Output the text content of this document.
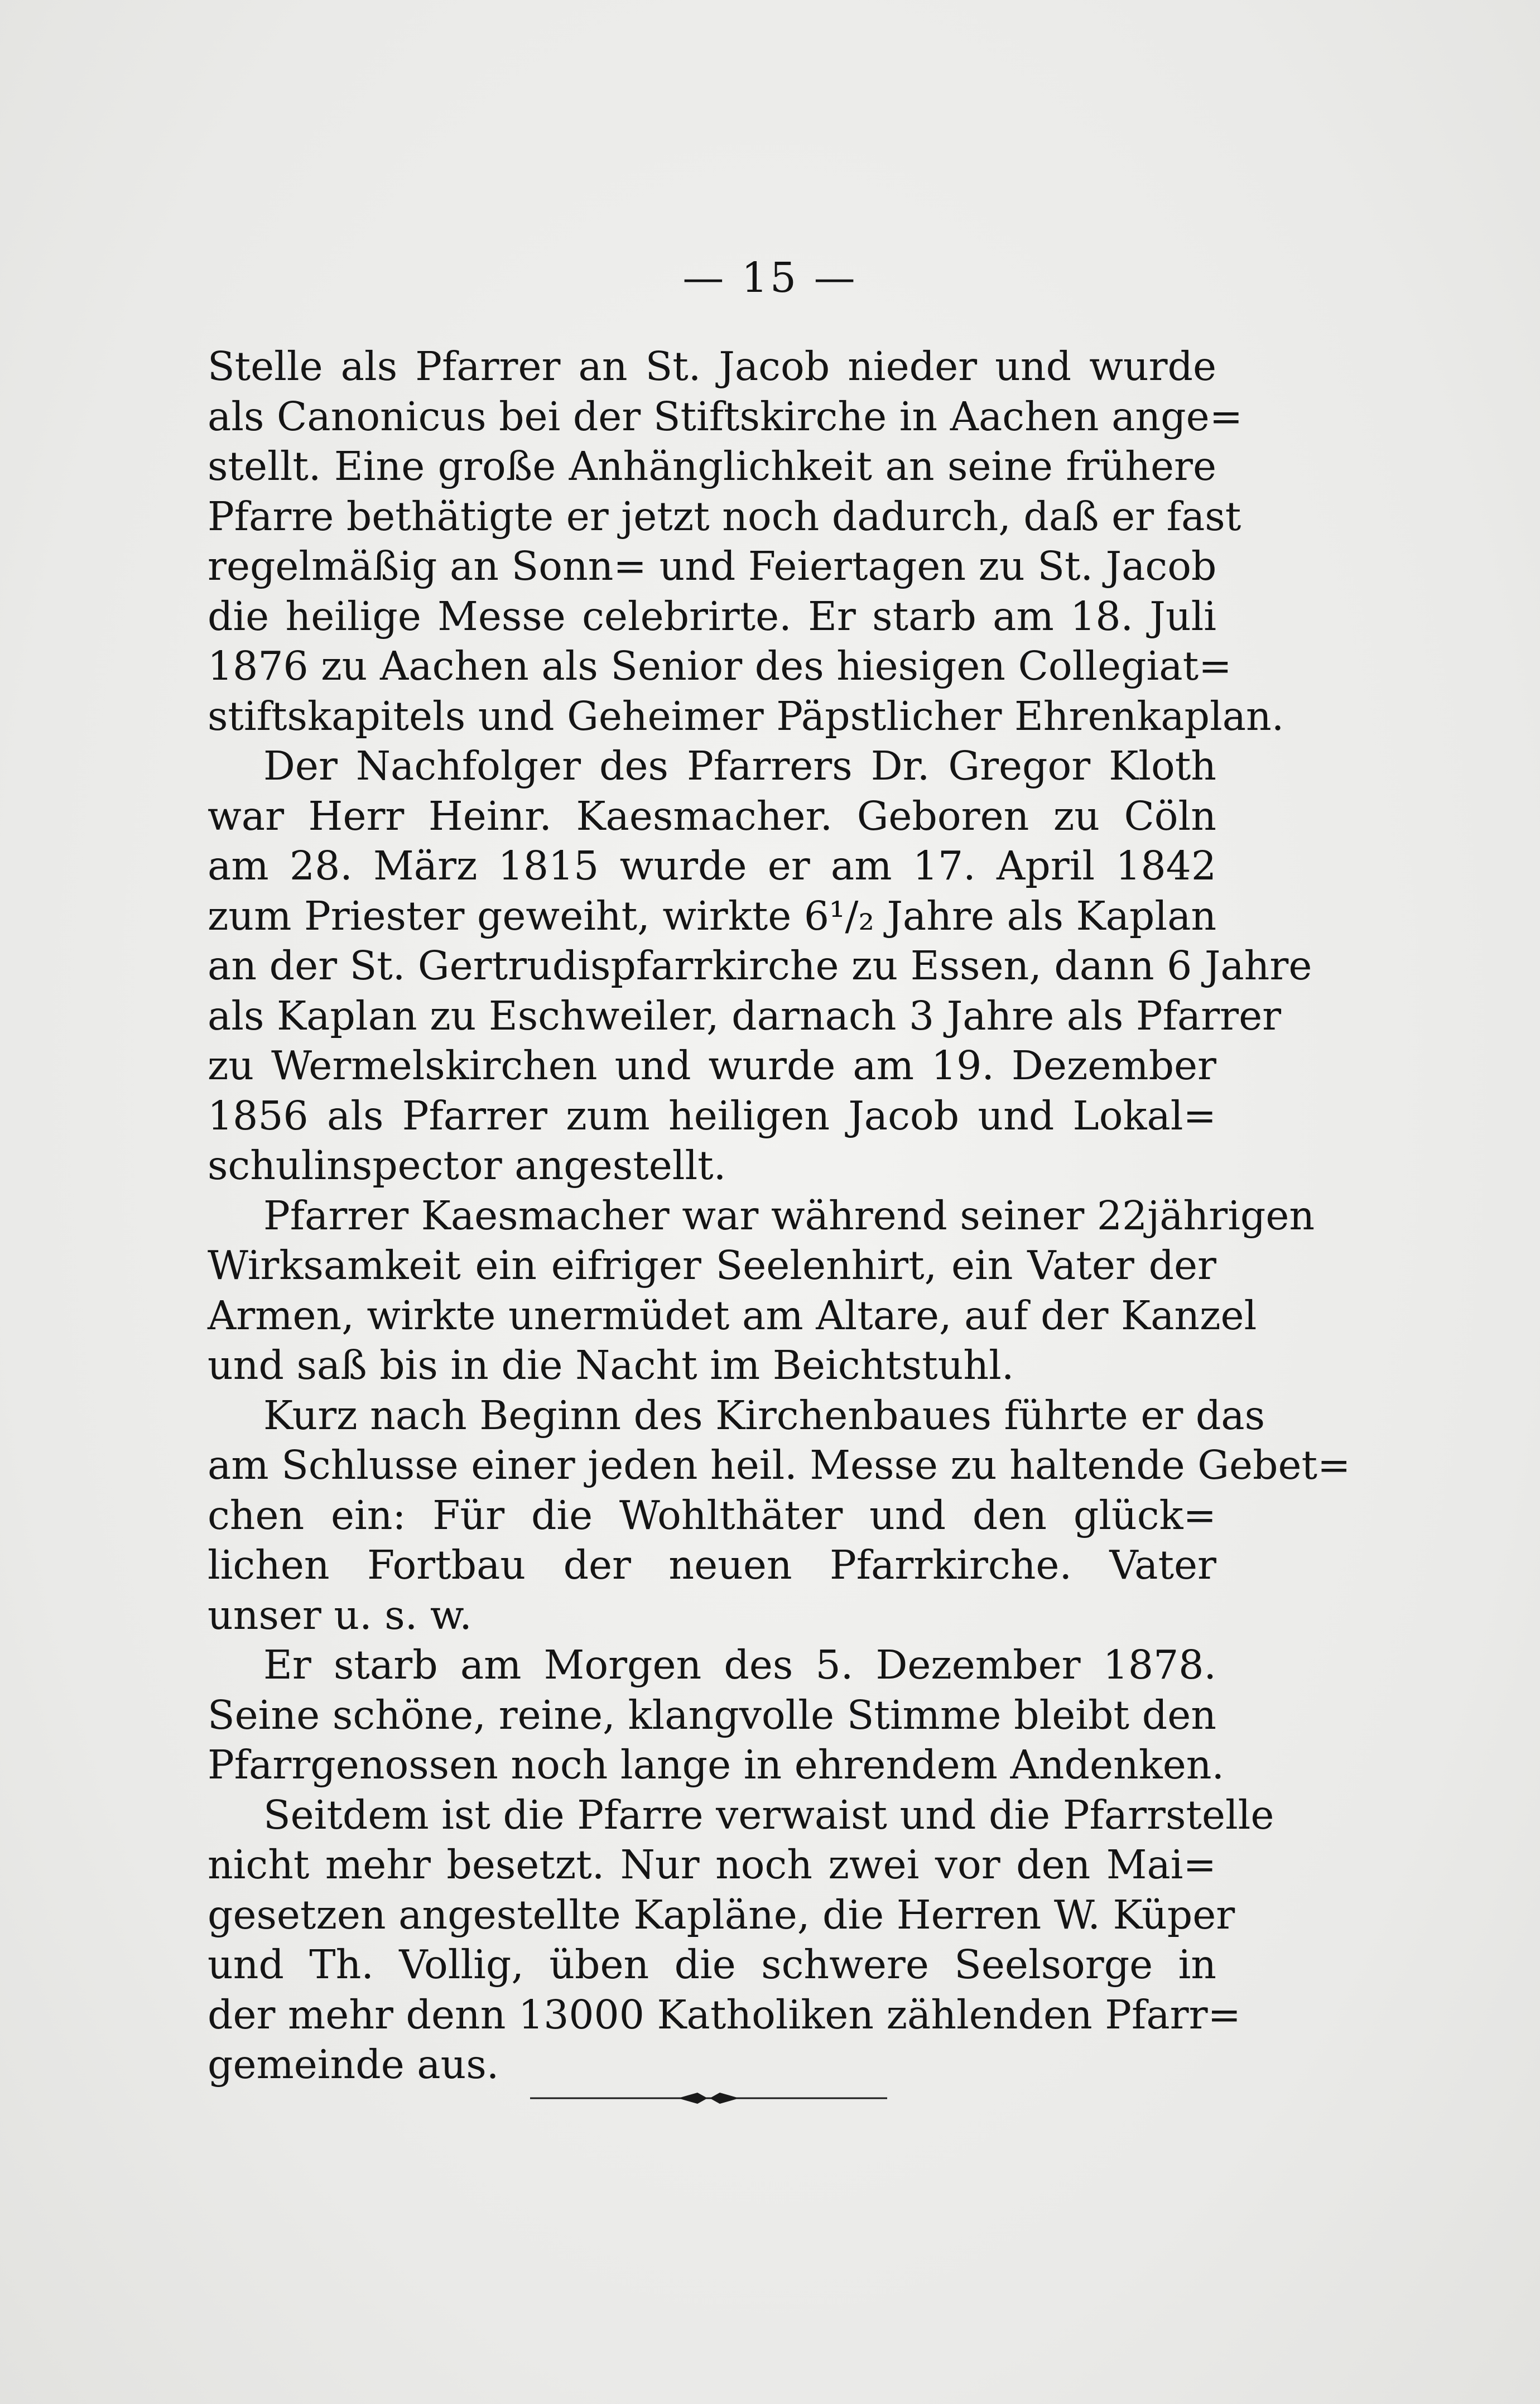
— 15 —
Stelle als Pfarrer an St. Jacob nieder und wurde
als Canonicus bei der Stiftskirche in Aachen ange=
stellt. Eine große Anhänglichkeit an seine frühere
Pfarre bethätigte er jetzt noch dadurch, daß er fast
regelmäßig an Sonn= und Feiertagen zu St. Jacob
die heilige Messe celebrirte. Er starb am 18. Juli
1876 zu Aachen als Senior des hiesigen Collegiat=
stiftskapitels und Geheimer Päpstlicher Ehrenkaplan.
Der Nachfolger des Pfarrers Dr. Gregor Kloth
war Herr Heinr. Kaesmacher. Geboren zu Cöln
am 28. März 1815 wurde er am 17. April 1842
zum Priester geweiht, wirkte 6¹/₂ Jahre als Kaplan
an der St. Gertrudispfarrkirche zu Essen, dann 6 Jahre
als Kaplan zu Eschweiler, darnach 3 Jahre als Pfarrer
zu Wermelskirchen und wurde am 19. Dezember
1856 als Pfarrer zum heiligen Jacob und Lokal=
schulinspector angestellt.
Pfarrer Kaesmacher war während seiner 22jährigen
Wirksamkeit ein eifriger Seelenhirt, ein Vater der
Armen, wirkte unermüdet am Altare, auf der Kanzel
und saß bis in die Nacht im Beichtstuhl.
Kurz nach Beginn des Kirchenbaues führte er das
am Schlusse einer jeden heil. Messe zu haltende Gebet=
chen ein: Für die Wohlthäter und den glück=
lichen Fortbau der neuen Pfarrkirche. Vater
unser u. s. w.
Er starb am Morgen des 5. Dezember 1878.
Seine schöne, reine, klangvolle Stimme bleibt den
Pfarrgenossen noch lange in ehrendem Andenken.
Seitdem ist die Pfarre verwaist und die Pfarrstelle
nicht mehr besetzt. Nur noch zwei vor den Mai=
gesetzen angestellte Kapläne, die Herren W. Küper
und Th. Vollig, üben die schwere Seelsorge in
der mehr denn 13000 Katholiken zählenden Pfarr=
gemeinde aus.
